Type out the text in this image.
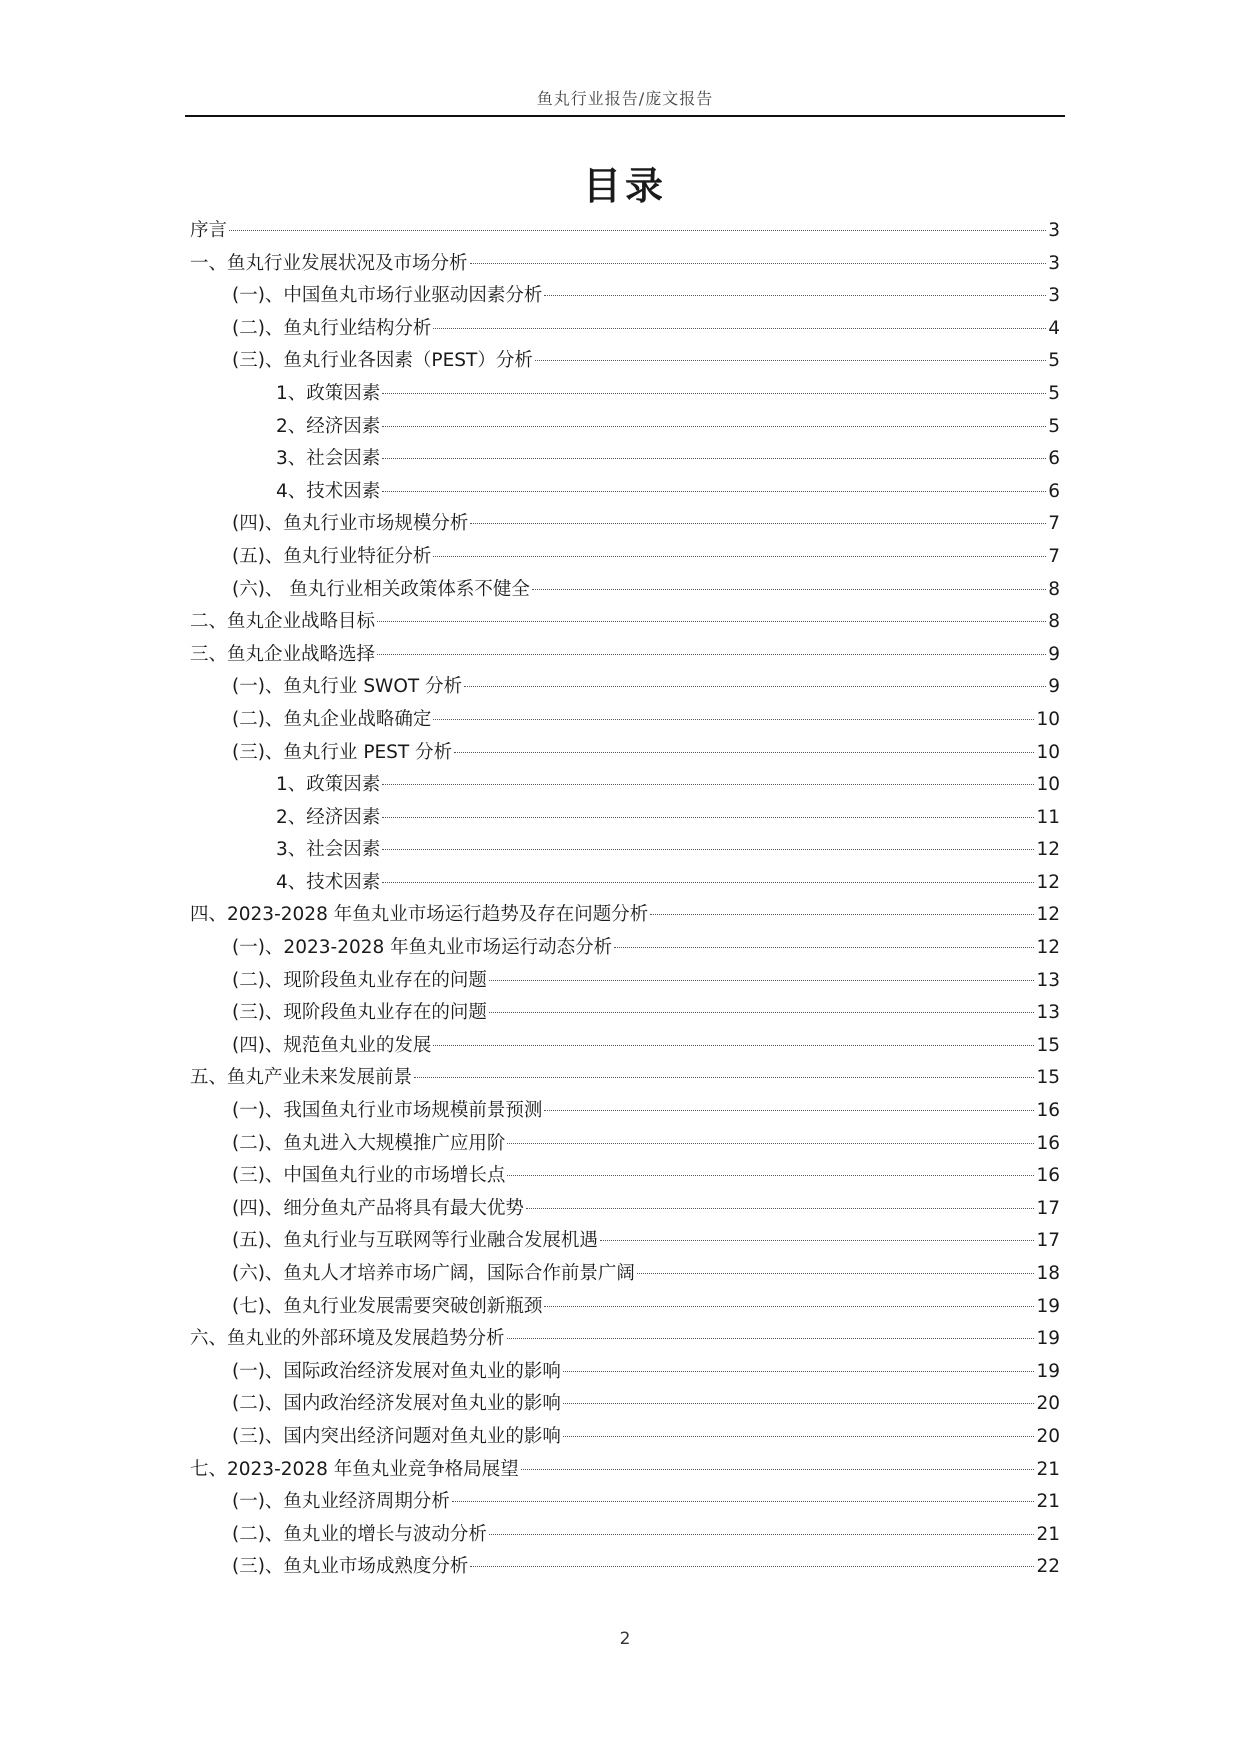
鱼丸行业报告/庞文报告
目录
序言	3
一、鱼丸行业发展状况及市场分析	3
(一)、中国鱼丸市场行业驱动因素分析	3
(二)、鱼丸行业结构分析	4
(三)、鱼丸行业各因素（PEST）分析	5
1、政策因素	5
2、经济因素	5
3、社会因素	6
4、技术因素	6
(四)、鱼丸行业市场规模分析	7
(五)、鱼丸行业特征分析	7
(六)、 鱼丸行业相关政策体系不健全	8
二、鱼丸企业战略目标	8
三、鱼丸企业战略选择	9
(一)、鱼丸行业 SWOT 分析	9
(二)、鱼丸企业战略确定	10
(三)、鱼丸行业 PEST 分析	10
1、政策因素	10
2、经济因素	11
3、社会因素	12
4、技术因素	12
四、2023-2028 年鱼丸业市场运行趋势及存在问题分析	12
(一)、2023-2028 年鱼丸业市场运行动态分析	12
(二)、现阶段鱼丸业存在的问题	13
(三)、现阶段鱼丸业存在的问题	13
(四)、规范鱼丸业的发展	15
五、鱼丸产业未来发展前景	15
(一)、我国鱼丸行业市场规模前景预测	16
(二)、鱼丸进入大规模推广应用阶	16
(三)、中国鱼丸行业的市场增长点	16
(四)、细分鱼丸产品将具有最大优势	17
(五)、鱼丸行业与互联网等行业融合发展机遇	17
(六)、鱼丸人才培养市场广阔，国际合作前景广阔	18
(七)、鱼丸行业发展需要突破创新瓶颈	19
六、鱼丸业的外部环境及发展趋势分析	19
(一)、国际政治经济发展对鱼丸业的影响	19
(二)、国内政治经济发展对鱼丸业的影响	20
(三)、国内突出经济问题对鱼丸业的影响	20
七、2023-2028 年鱼丸业竞争格局展望	21
(一)、鱼丸业经济周期分析	21
(二)、鱼丸业的增长与波动分析	21
(三)、鱼丸业市场成熟度分析	22
2
